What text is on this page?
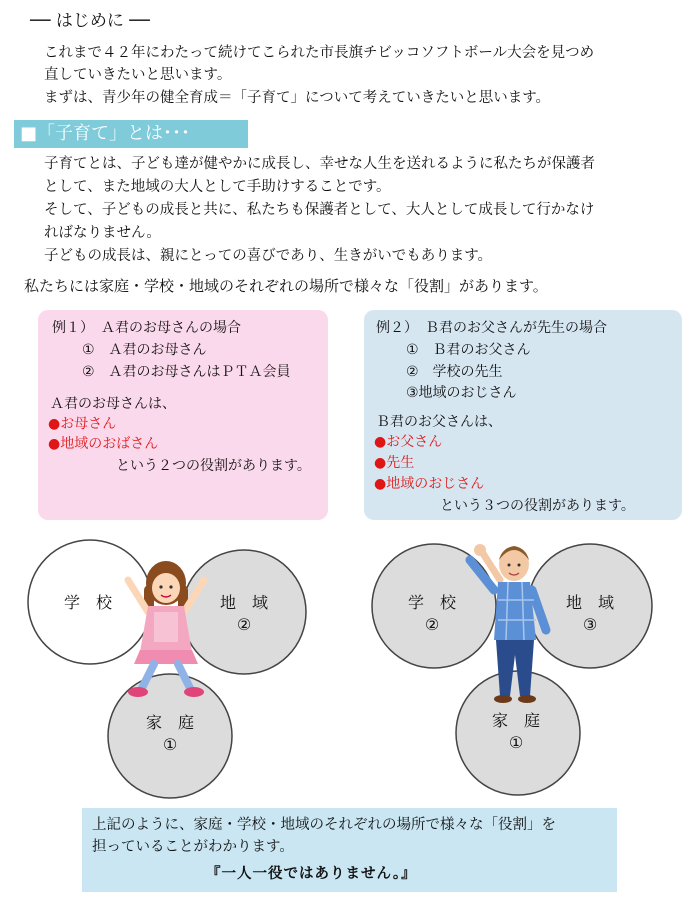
── はじめに ──
これまで４２年にわたって続けてこられた市長旗チビッコソフトボール大会を見つめ
直していきたいと思います。
まずは、青少年の健全育成＝「子育て」について考えていきたいと思います。
■「子育て」とは･･･
子育てとは、子ども達が健やかに成長し、幸せな人生を送れるように私たちが保護者
として、また地域の大人として手助けすることです。
そして、子どもの成長と共に、私たちも保護者として、大人として成長して行かなけ
ればなりません。
子どもの成長は、親にとっての喜びであり、生きがいでもあります。
私たちには家庭・学校・地域のそれぞれの場所で様々な「役割」があります。
例１）　Ａ君のお母さんの場合
①　Ａ君のお母さん
②　Ａ君のお母さんはＰＴＡ会員
Ａ君のお母さんは、
●お母さん
●地域のおばさん
という２つの役割があります。
例２）　Ｂ君のお父さんが先生の場合
①　Ｂ君のお父さん
②　学校の先生
③地域のおじさん
Ｂ君のお父さんは、
●お父さん
●先生
●地域のおじさん
という３つの役割があります。
学　校	地　域
②
家　庭
①
学　校
②
地　域
③
家　庭
①
上記のように、家庭・学校・地域のそれぞれの場所で様々な「役割」を
担っていることがわかります。
『一人一役ではありません。』
